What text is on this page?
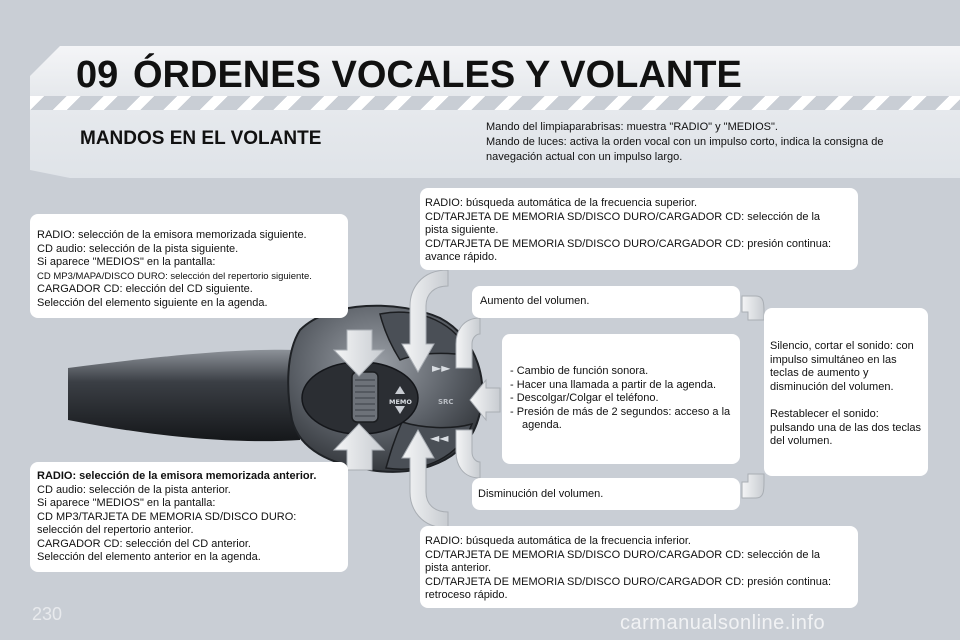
09 ÓRDENES VOCALES Y VOLANTE
MANDOS EN EL VOLANTE
Mando del limpiaparabrisas: muestra "RADIO" y "MEDIOS".
Mando de luces: activa la orden vocal con un impulso corto, indica la consigna de navegación actual con un impulso largo.
►►
◄◄
MEMO	SRC

RADIO: selección de la emisora memorizada siguiente.

CD audio: selección de la pista siguiente.

Si aparece "MEDIOS" en la pantalla:

CD MP3/MAPA/DISCO DURO: selección del repertorio siguiente.

CARGADOR CD: elección del CD siguiente.

Selección del elemento siguiente en la agenda.

RADIO: selección de la emisora memorizada anterior.

CD audio: selección de la pista anterior.

Si aparece "MEDIOS" en la pantalla:

CD MP3/TARJETA DE MEMORIA SD/DISCO DURO:

selección del repertorio anterior.

CARGADOR CD: selección del CD anterior.

Selección del elemento anterior en la agenda.

RADIO: búsqueda automática de la frecuencia superior.

CD/TARJETA DE MEMORIA SD/DISCO DURO/CARGADOR CD: selección de la

pista siguiente.

CD/TARJETA DE MEMORIA SD/DISCO DURO/CARGADOR CD: presión continua:

avance rápido.

RADIO: búsqueda automática de la frecuencia inferior.

CD/TARJETA DE MEMORIA SD/DISCO DURO/CARGADOR CD: selección de la

pista anterior.

CD/TARJETA DE MEMORIA SD/DISCO DURO/CARGADOR CD: presión continua:

retroceso rápido.

Aumento del volumen.

Disminución del volumen.

- Cambio de función sonora.
- Hacer una llamada a partir de la agenda.
- Descolgar/Colgar el teléfono.
- Presión de más de 2 segundos: acceso a la agenda.

Silencio, cortar el sonido: con impulso simultáneo en las teclas de aumento y disminución del volumen.

Restablecer el sonido: pulsando una de las dos teclas del volumen.

230	carmanualsonline.info
